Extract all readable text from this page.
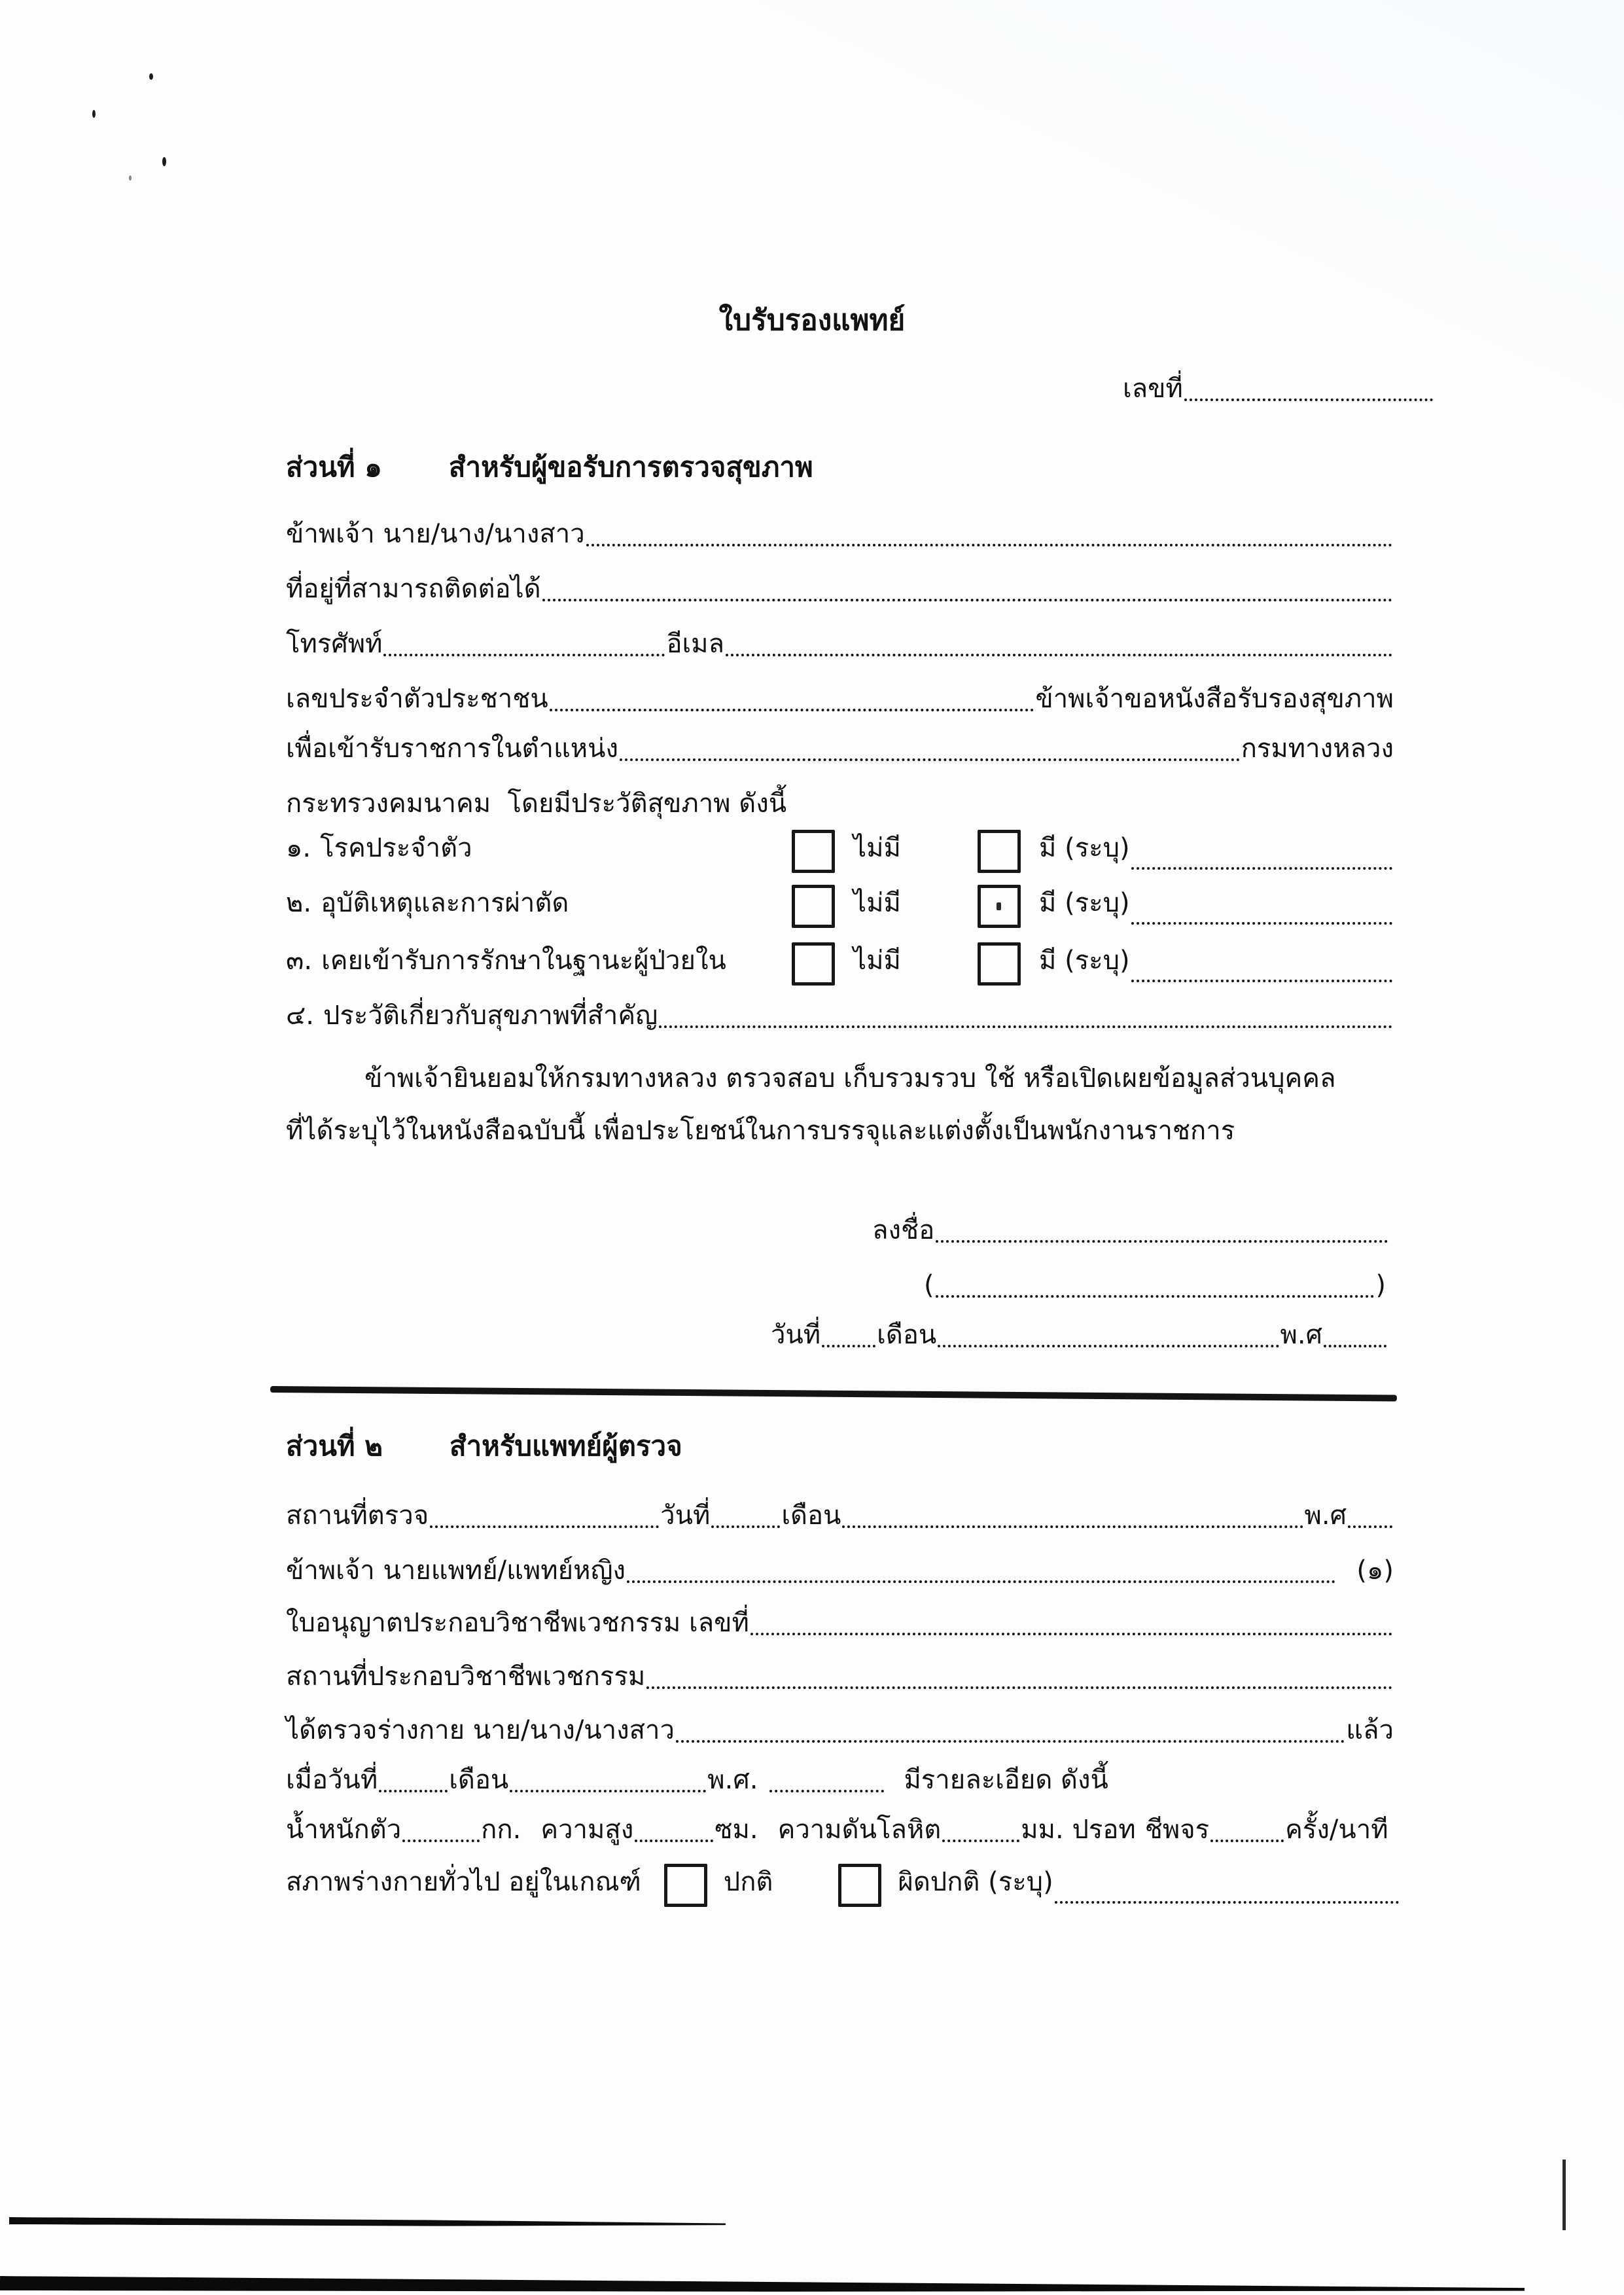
ใบรับรองแพทย์
เลขที่
ส่วนที่ ๑ สำหรับผู้ขอรับการตรวจสุขภาพ
ข้าพเจ้า นาย/นาง/นางสาว
ที่อยู่ที่สามารถติดต่อได้
โทรศัพท์	อีเมล
เลขประจำตัวประชาชน	ข้าพเจ้าขอหนังสือรับรองสุขภาพ
เพื่อเข้ารับราชการในตำแหน่ง	กรมทางหลวง
กระทรวงคมนาคม  โดยมีประวัติสุขภาพ ดังนี้
๑. โรคประจำตัว	ไม่มี	มี (ระบุ)
๒. อุบัติเหตุและการผ่าตัด	ไม่มี	มี (ระบุ)
๓. เคยเข้ารับการรักษาในฐานะผู้ป่วยใน	ไม่มี	มี (ระบุ)
๔. ประวัติเกี่ยวกับสุขภาพที่สำคัญ
ข้าพเจ้ายินยอมให้กรมทางหลวง ตรวจสอบ เก็บรวมรวบ ใช้ หรือเปิดเผยข้อมูลส่วนบุคคล
ที่ได้ระบุไว้ในหนังสือฉบับนี้ เพื่อประโยชน์ในการบรรจุและแต่งตั้งเป็นพนักงานราชการ
ลงชื่อ
(	)
วันที่ เดือน	พ.ศ
ส่วนที่ ๒ สำหรับแพทย์ผู้ตรวจ
สถานที่ตรวจ	วันที่	เดือน	พ.ศ
ข้าพเจ้า นายแพทย์/แพทย์หญิง	(๑)
ใบอนุญาตประกอบวิชาชีพเวชกรรม เลขที่
สถานที่ประกอบวิชาชีพเวชกรรม
ได้ตรวจร่างกาย นาย/นาง/นางสาว	แล้ว
เมื่อวันที่	เดือน	พ.ศ.	มีรายละเอียด ดังนี้
น้ำหนักตัว	กก. ความสูง	ซม. ความดันโลหิต	มม. ปรอท ชีพจร	ครั้ง/นาที
สภาพร่างกายทั่วไป อยู่ในเกณฑ์	ปกติ	ผิดปกติ (ระบุ)
